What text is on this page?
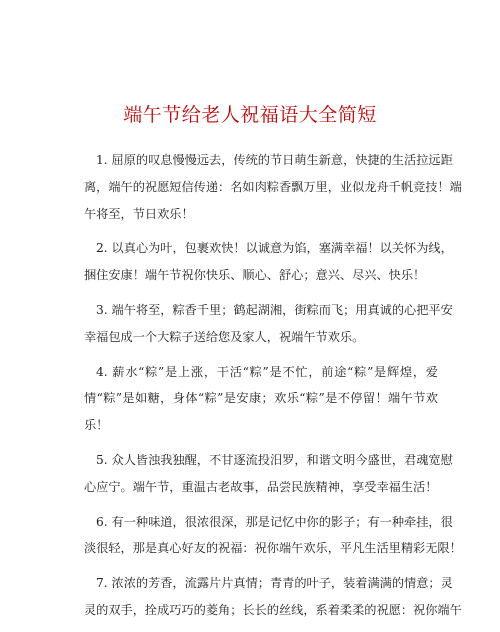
端午节给老人祝福语大全简短
1. 屈原的叹息慢慢远去，传统的节日萌生新意，快捷的生活拉远距
离，端午的祝愿短信传递：名如肉粽香飘万里，业似龙舟千帆竞技！端
午将至，节日欢乐！
2. 以真心为叶，包裹欢快！以诚意为馅，塞满幸福！以关怀为线，
捆住安康！端午节祝你快乐、顺心、舒心；意兴、尽兴、快乐！
3. 端午将至，粽香千里；鹤起湖湘，街粽而飞；用真诚的心把平安
幸福包成一个大粽子送给您及家人，祝端午节欢乐。
4. 薪水“粽”是上涨，干活“粽”是不忙，前途“粽”是辉煌，爱
情“粽”是如糖，身体“粽”是安康；欢乐“粽”是不停留！端午节欢
乐！
5. 众人皆浊我独醒，不甘逐流投汨罗，和谐文明今盛世，君魂宽慰
心应宁。端午节，重温古老故事，品尝民族精神，享受幸福生活！
6. 有一种味道，很浓很深，那是记忆中你的影子；有一种牵挂，很
淡很轻，那是真心好友的祝福：祝你端午欢乐，平凡生活里精彩无限！
7. 浓浓的芳香，流露片片真情；青青的叶子，装着满满的情意；灵
灵的双手，拴成巧巧的菱角；长长的丝线，系着柔柔的祝愿：祝你端午
